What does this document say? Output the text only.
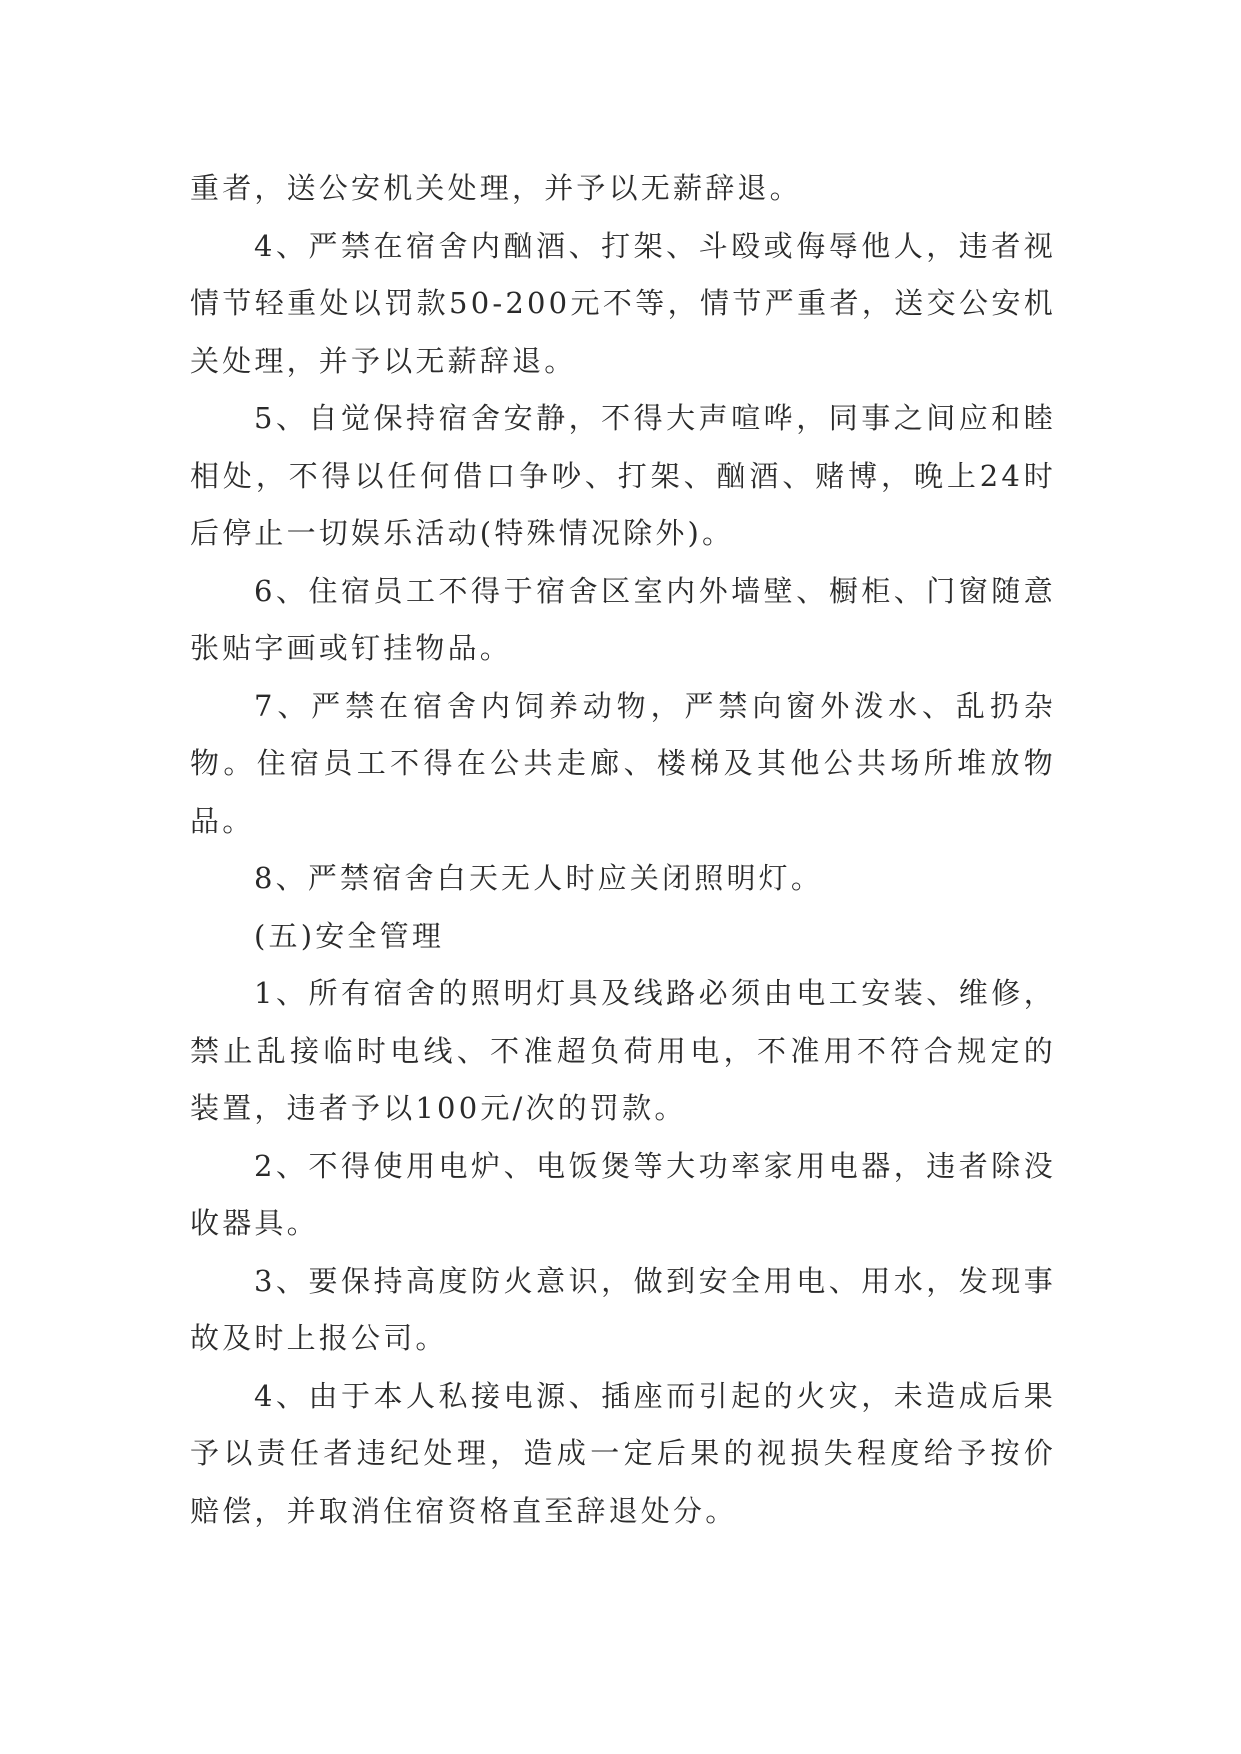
重者，送公安机关处理，并予以无薪辞退。

4、严禁在宿舍内酗酒、打架、斗殴或侮辱他人，违者视情节轻重处以罚款50-200元不等，情节严重者，送交公安机关处理，并予以无薪辞退。

5、自觉保持宿舍安静，不得大声喧哗，同事之间应和睦相处，不得以任何借口争吵、打架、酗酒、赌博，晚上24时后停止一切娱乐活动(特殊情况除外)。

6、住宿员工不得于宿舍区室内外墙壁、橱柜、门窗随意张贴字画或钉挂物品。

7、严禁在宿舍内饲养动物，严禁向窗外泼水、乱扔杂物。住宿员工不得在公共走廊、楼梯及其他公共场所堆放物品。

8、严禁宿舍白天无人时应关闭照明灯。

(五)安全管理

1、所有宿舍的照明灯具及线路必须由电工安装、维修，禁止乱接临时电线、不准超负荷用电，不准用不符合规定的装置，违者予以100元/次的罚款。

2、不得使用电炉、电饭煲等大功率家用电器，违者除没收器具。

3、要保持高度防火意识，做到安全用电、用水，发现事故及时上报公司。

4、由于本人私接电源、插座而引起的火灾，未造成后果予以责任者违纪处理，造成一定后果的视损失程度给予按价赔偿，并取消住宿资格直至辞退处分。
